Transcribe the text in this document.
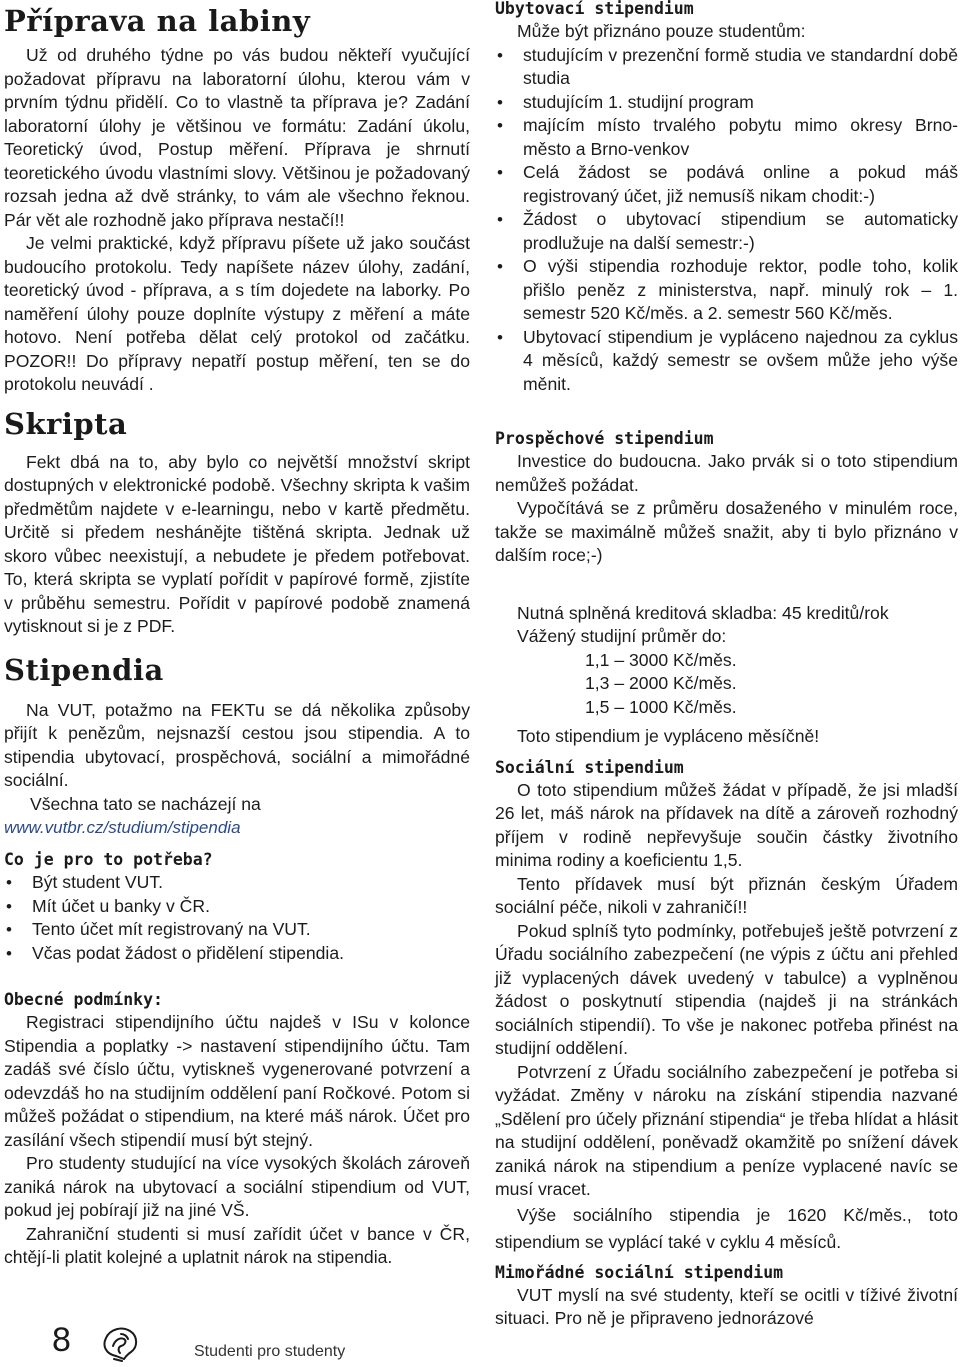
Příprava na labiny

Už od druhého týdne po vás budou někteří vyučující požadovat přípravu na laboratorní úlohu, kterou vám v prvním týdnu přidělí. Co to vlastně ta příprava je? Zadání laboratorní úlohy je většinou ve formátu: Zadání úkolu, Teoretický úvod, Postup měření. Příprava je shrnutí teoretického úvodu vlastními slovy. Většinou je požadovaný rozsah jedna až dvě stránky, to vám ale všechno řeknou. Pár vět ale rozhodně jako příprava nestačí!!

Je velmi praktické, když přípravu píšete už jako součást budoucího protokolu. Tedy napíšete název úlohy, zadání, teoretický úvod - příprava, a s tím dojedete na laborky. Po naměření úlohy pouze doplníte výstupy z měření a máte hotovo. Není potřeba dělat celý protokol od začátku. POZOR!! Do přípravy nepatří postup měření, ten se do protokolu neuvádí .

Skripta

Fekt dbá na to, aby bylo co největší množství skript dostupných v elektronické podobě. Všechny skripta k vašim předmětům najdete v e-learningu, nebo v kartě předmětu. Určitě si předem nesháněјte tištěná skripta. Jednak už skoro vůbec neexistují, a nebudete je předem potřebovat. To, která skripta se vyplatí pořídit v papírové formě, zjistíte v průběhu semestru. Pořídit v papírové podobě znamená vytisknout si je z PDF.

Stipendia

Na VUT, potažmo na FEKTu se dá několika způsoby přijít k penězům, nejsnazší cestou jsou stipendia. A to stipendia ubytovací, prospěchová, sociální a mimořádné sociální.

Všechna tato se nacházejí na

www.vutbr.cz/studium/stipendia

Co je pro to potřeba?
• Být student VUT.
• Mít účet u banky v ČR.
• Tento účet mít registrovaný na VUT.
• Včas podat žádost o přidělení stipendia.
Obecné podmínky:

Registraci stipendijního účtu najdeš v ISu v kolonce Stipendia a poplatky -> nastavení stipendijního účtu. Tam zadáš své číslo účtu, vytiskneš vygenerované potvrzení a odevzdáš ho na studijním oddělení paní Ročkové. Potom si můžeš požádat o stipendium, na které máš nárok. Účet pro zasílání všech stipendií musí být stejný.

Pro studenty studující na více vysokých školách zároveň zaniká nárok na ubytovací a sociální stipendium od VUT, pokud jej pobírají již na jiné VŠ.

Zahraniční studenti si musí zařídit účet v bance v ČR, chtějí-li platit kolejné a uplatnit nárok na stipendia.

Ubytovací stipendium

Může být přiznáno pouze studentům:

• studujícím v prezenční formě studia ve standardní době studia
• studujícím 1. studijní program
• majícím místo trvalého pobytu mimo okresy Brno-město a Brno-venkov
• Celá žádost se podává online a pokud máš registrovaný účet, již nemusíš nikam chodit:-)
• Žádost o ubytovací stipendium se automaticky prodlužuje na další semestr:-)
• O výši stipendia rozhoduje rektor, podle toho, kolik přišlo peněz z ministerstva, např. minulý rok – 1. semestr 520 Kč/měs. a 2. semestr 560 Kč/měs.
• Ubytovací stipendium je vypláceno najednou za cyklus 4 měsíců, každý semestr se ovšem může jeho výše měnit.
Prospěchové stipendium

Investice do budoucna. Jako prvák si o toto stipendium nemůžeš požádat.

Vypočítává se z průměru dosaženého v minulém roce, takže se maximálně můžeš snažit, aby ti bylo přiznáno v dalším roce;-)

Nutná splněná kreditová skladba: 45 kreditů/rok

Vážený studijní průměr do:

1,1 – 3000 Kč/měs.

1,3 – 2000 Kč/měs.

1,5 – 1000 Kč/měs.

Toto stipendium je vypláceno měsíčně!

Sociální stipendium

O toto stipendium můžeš žádat v případě, že jsi mladší 26 let, máš nárok na přídavek na dítě a zároveň rozhodný příjem v rodině nepřevyšuje součin částky životního minima rodiny a koeficientu 1,5.

Tento přídavek musí být přiznán českým Úřadem sociální péče, nikoli v zahraničí!!

Pokud splníš tyto podmínky, potřebuješ ještě potvrzení z Úřadu sociálního zabezpečení (ne výpis z účtu ani přehled již vyplacených dávek uvedený v tabulce) a vyplněnou žádost o poskytnutí stipendia (najdeš ji na stránkách sociálních stipendií). To vše je nakonec potřeba přinést na studijní oddělení.

Potvrzení z Úřadu sociálního zabezpečení je potřeba si vyžádat. Změny v nároku na získání stipendia nazvané „Sdělení pro účely přiznání stipendia“ je třeba hlídat a hlásit na studijní oddělení, poněvadž okamžitě po snížení dávek zaniká nárok na stipendium a peníze vyplacené navíc se musí vracet.

Výše sociálního stipendia je 1620 Kč/měs., toto stipendium se vyplácí také v cyklu 4 měsíců.

Mimořádné sociální stipendium

VUT myslí na své studenty, kteří se ocitli v tíživé životní situaci. Pro ně je připraveno jednorázové

8	Studenti pro studenty
